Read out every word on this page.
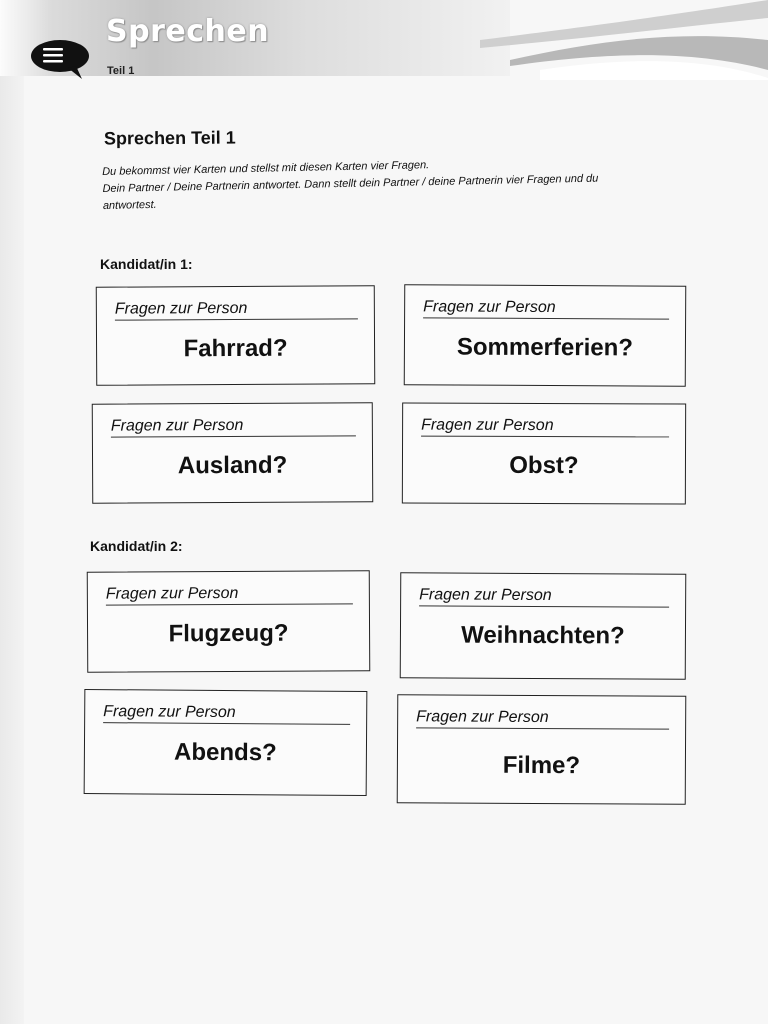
Sprechen
Teil 1
Sprechen Teil 1
Du bekommst vier Karten und stellst mit diesen Karten vier Fragen.
Dein Partner / Deine Partnerin antwortet. Dann stellt dein Partner / deine Partnerin vier Fragen und du
antwortest.
Kandidat/in 1:
Fragen zur Person
Fahrrad?
Fragen zur Person
Sommerferien?
Fragen zur Person
Ausland?
Fragen zur Person
Obst?
Kandidat/in 2:
Fragen zur Person
Flugzeug?
Fragen zur Person
Weihnachten?
Fragen zur Person
Abends?
Fragen zur Person
Filme?
